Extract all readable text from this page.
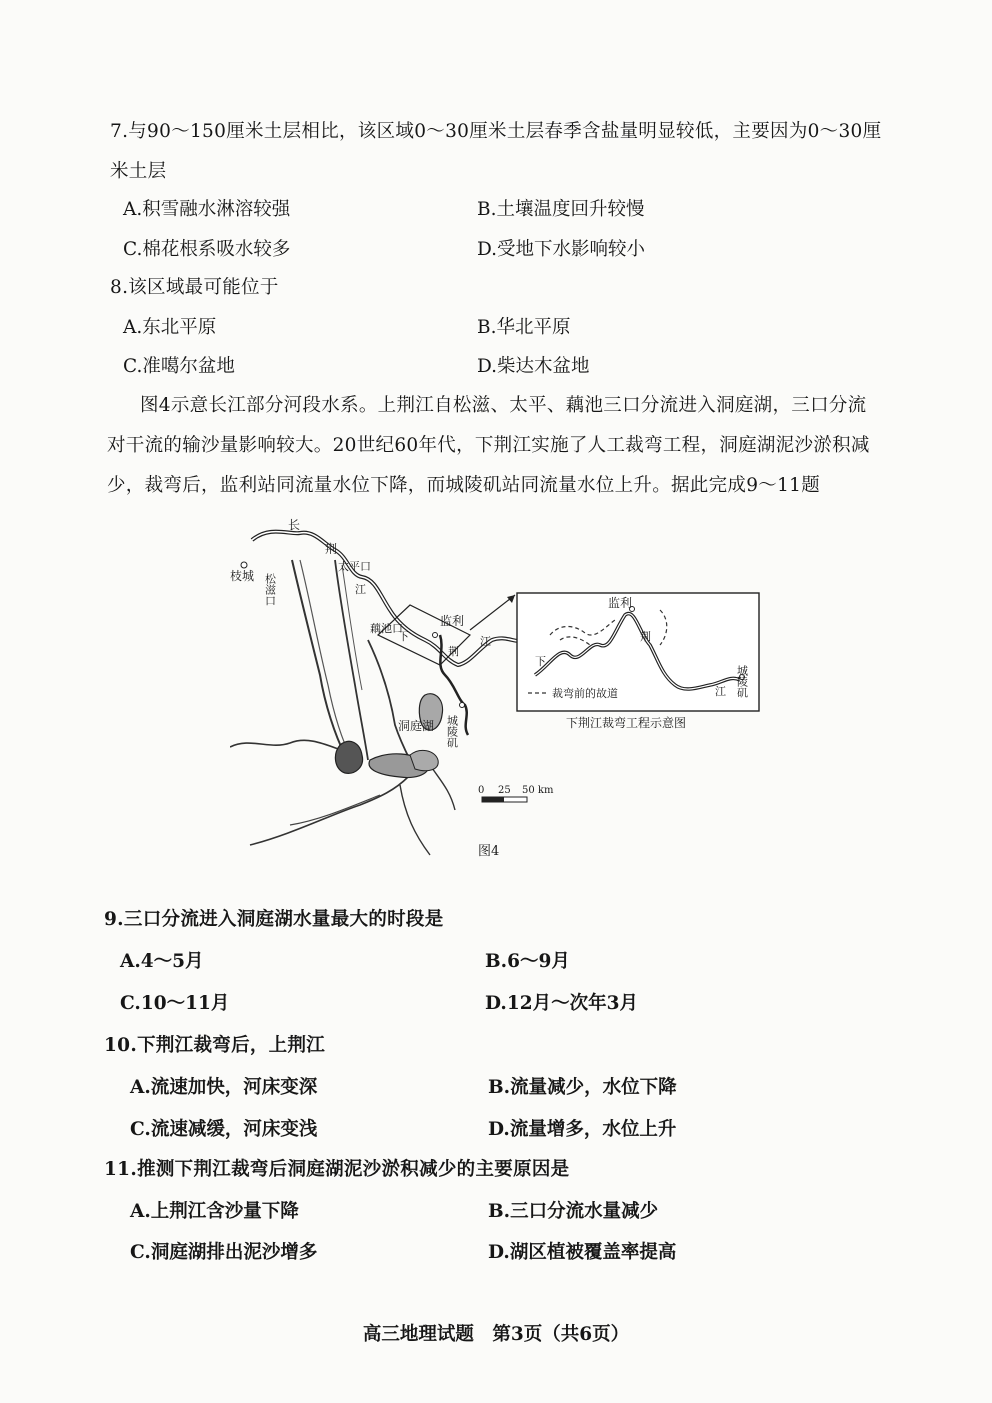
7.与90～150厘米土层相比，该区域0～30厘米土层春季含盐量明显较低，主要因为0～30厘
米土层
A.积雪融水淋溶较强	B.土壤温度回升较慢
C.棉花根系吸水较多	D.受地下水影响较小
8.该区域最可能位于
A.东北平原	B.华北平原
C.准噶尔盆地	D.柴达木盆地
图4示意长江部分河段水系。上荆江自松滋、太平、藕池三口分流进入洞庭湖，三口分流
对干流的输沙量影响较大。20世纪60年代，下荆江实施了人工裁弯工程，洞庭湖泥沙淤积减
少，裁弯后，监利站同流量水位下降，而城陵矶站同流量水位上升。据此完成9～11题
长
荆
太平口
江
枝城 松滋口
藕池口
监利
下
荆
江
城陵矶
洞庭湖
监利
下
荆
江 城陵矶
裁弯前的故道
下荆江裁弯工程示意图
0 25 50 km
图4
9.三口分流进入洞庭湖水量最大的时段是
A.4～5月	B.6～9月
C.10～11月	D.12月～次年3月
10.下荆江裁弯后，上荆江
A.流速加快，河床变深	B.流量减少，水位下降
C.流速减缓，河床变浅	D.流量增多，水位上升
11.推测下荆江裁弯后洞庭湖泥沙淤积减少的主要原因是
A.上荆江含沙量下降	B.三口分流水量减少
C.洞庭湖排出泥沙增多	D.湖区植被覆盖率提高
高三地理试题　第3页（共6页）
